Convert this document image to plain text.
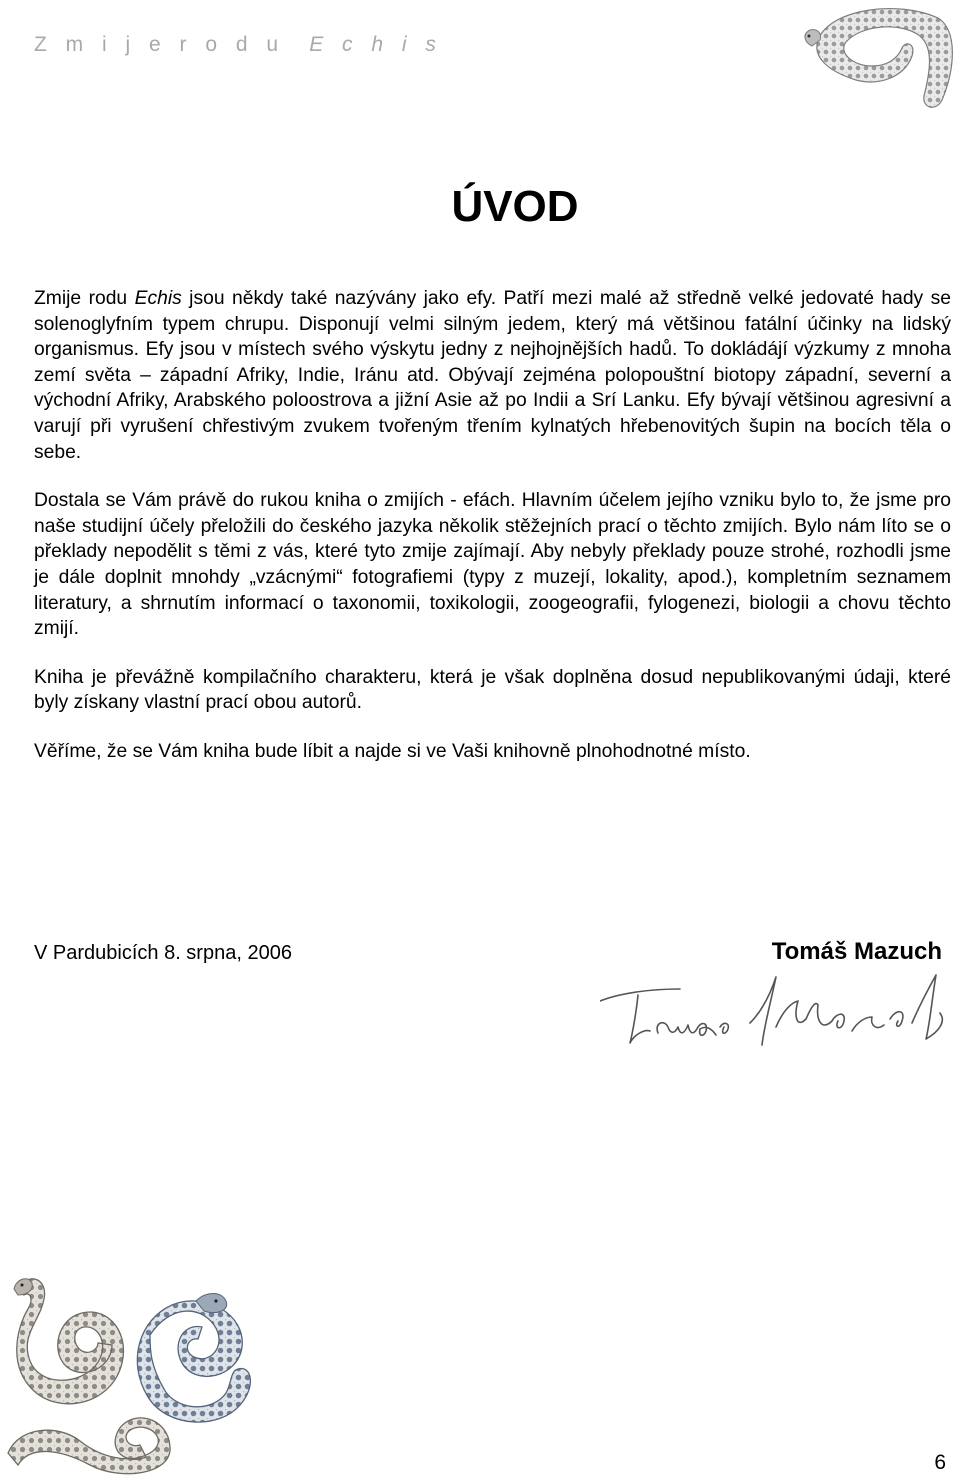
Z m i j e r o d u E c h i s
ÚVOD

Zmije rodu Echis jsou někdy také nazývány jako efy. Patří mezi malé až středně velké jedovaté hady se solenoglyfním typem chrupu. Disponují velmi silným jedem, který má většinou fatální účinky na lidský organismus. Efy jsou v místech svého výskytu jedny z nejhojnějších hadů. To dokládájí výzkumy z mnoha zemí světa – západní Afriky, Indie, Iránu atd. Obývají zejména polopouštní biotopy západní, severní a východní Afriky, Arabského poloostrova a jižní Asie až po Indii a Srí Lanku. Efy bývají většinou agresivní a varují při vyrušení chřestivým zvukem tvořeným třením kylnatých hřebenovitých šupin na bocích těla o sebe.

Dostala se Vám právě do rukou kniha o zmijích - efách. Hlavním účelem jejího vzniku bylo to, že jsme pro naše studijní účely přeložili do českého jazyka několik stěžejních prací o těchto zmijích. Bylo nám líto se o překlady nepodělit s těmi z vás, které tyto zmije zajímají. Aby nebyly překlady pouze strohé, rozhodli jsme je dále doplnit mnohdy „vzácnými“ fotografiemi (typy z muzejí, lokality, apod.), kompletním seznamem literatury, a shrnutím informací o taxonomii, toxikologii, zoogeografii, fylogenezi, biologii a chovu těchto zmijí.

Kniha je převážně kompilačního charakteru, která je však doplněna dosud nepublikovanými údaji, které byly získany vlastní prací obou autorů.

Věříme, že se Vám kniha bude líbit a najde si ve Vaši knihovně plnohodnotné místo.

V Pardubicích 8. srpna, 2006	Tomáš Mazuch
6
